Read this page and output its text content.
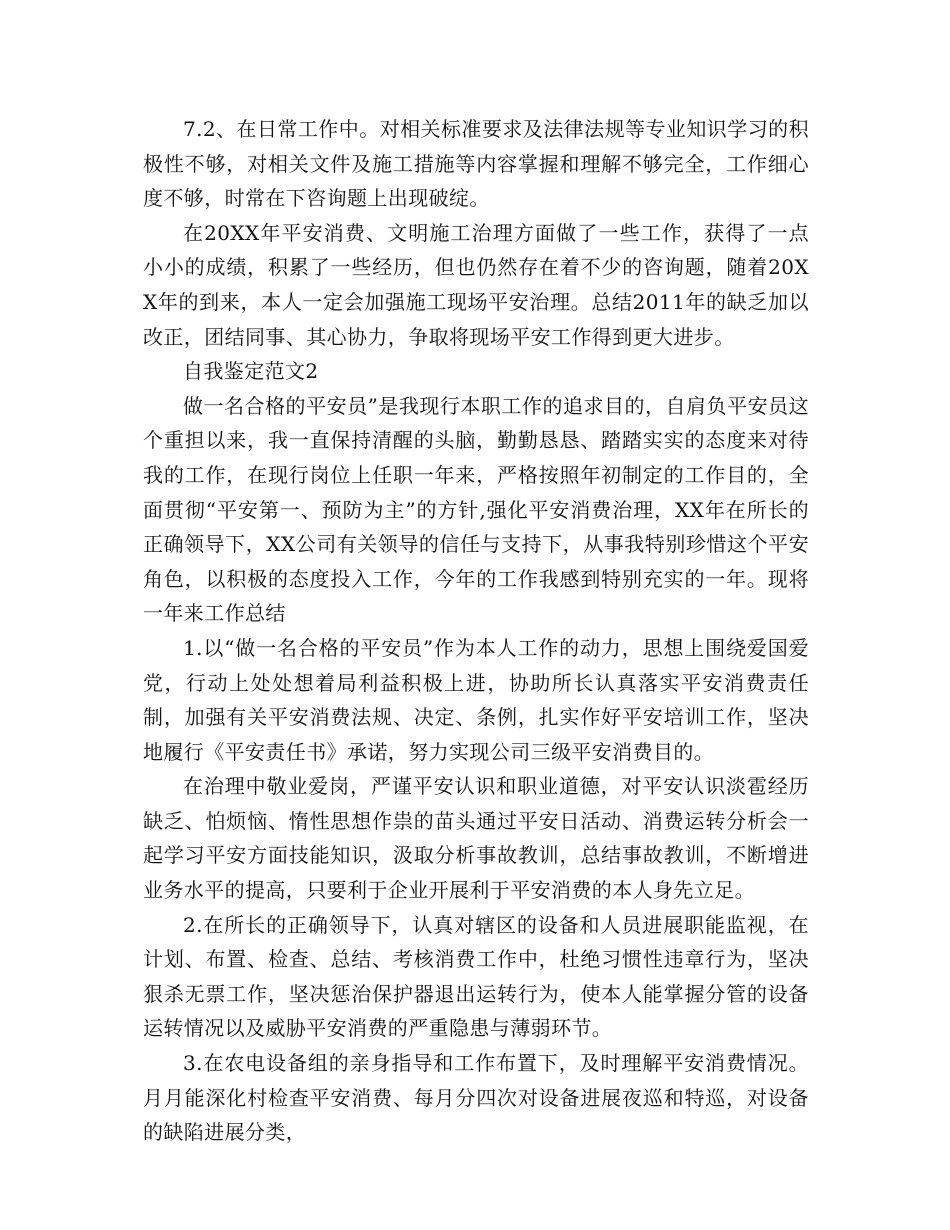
7.2、在日常工作中。对相关标准要求及法律法规等专业知识学习的积极性不够，对相关文件及施工措施等内容掌握和理解不够完全，工作细心度不够，时常在下咨询题上出现破绽。

在20XX年平安消费、文明施工治理方面做了一些工作，获得了一点小小的成绩，积累了一些经历，但也仍然存在着不少的咨询题，随着20XX年的到来，本人一定会加强施工现场平安治理。总结2011年的缺乏加以改正，团结同事、其心协力，争取将现场平安工作得到更大进步。

自我鉴定范文2

做一名合格的平安员”是我现行本职工作的追求目的，自肩负平安员这个重担以来，我一直保持清醒的头脑，勤勤恳恳、踏踏实实的态度来对待我的工作，在现行岗位上任职一年来，严格按照年初制定的工作目的，全面贯彻“平安第一、预防为主”的方针,强化平安消费治理，XX年在所长的正确领导下，XX公司有关领导的信任与支持下，从事我特别珍惜这个平安角色，以积极的态度投入工作，今年的工作我感到特别充实的一年。现将一年来工作总结

1.以“做一名合格的平安员”作为本人工作的动力，思想上围绕爱国爱党，行动上处处想着局利益积极上进，协助所长认真落实平安消费责任制，加强有关平安消费法规、决定、条例，扎实作好平安培训工作，坚决地履行《平安责任书》承诺，努力实现公司三级平安消费目的。

在治理中敬业爱岗，严谨平安认识和职业道德，对平安认识淡雹经历缺乏、怕烦恼、惰性思想作祟的苗头通过平安日活动、消费运转分析会一起学习平安方面技能知识，汲取分析事故教训，总结事故教训，不断增进业务水平的提高，只要利于企业开展利于平安消费的本人身先立足。

2.在所长的正确领导下，认真对辖区的设备和人员进展职能监视，在计划、布置、检查、总结、考核消费工作中，杜绝习惯性违章行为，坚决狠杀无票工作，坚决惩治保护器退出运转行为，使本人能掌握分管的设备运转情况以及威胁平安消费的严重隐患与薄弱环节。

3.在农电设备组的亲身指导和工作布置下，及时理解平安消费情况。月月能深化村检查平安消费、每月分四次对设备进展夜巡和特巡，对设备的缺陷进展分类，
